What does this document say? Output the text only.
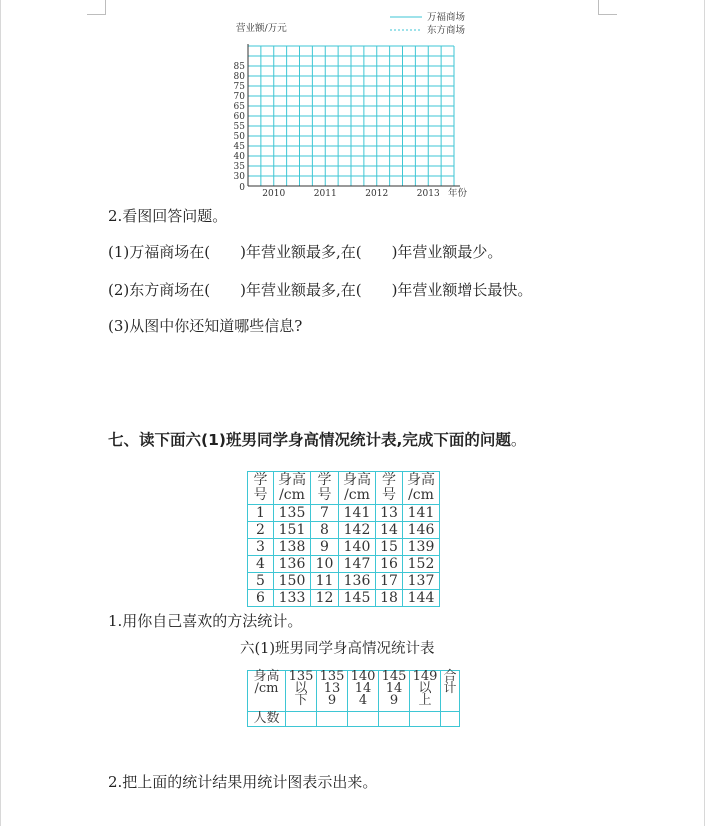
0
30
35
40
45
50
55
60
65
70
75
80
85
营业额/万元
2010	2011	2012	2013 年份
万福商场
东方商场
2.看图回答问题。
(1)万福商场在(　　)年营业额最多,在(　　)年营业额最少。
(2)东方商场在(　　)年营业额最多,在(　　)年营业额增长最快。
(3)从图中你还知道哪些信息?
七、读下面六(1)班男同学身高情况统计表,完成下面的问题。
学
号	身高
/cm	学
号	身高
/cm	学
号	身高
/cm
1	135	7	141	13	141
2	151	8	142	14	146
3	138	9	140	15	139
4	136	10	147	16	152
5	150	11	136	17	137
6	133	12	145	18	144
1.用你自己喜欢的方法统计。
六(1)班男同学身高情况统计表
身高
/cm	135
以
下	135
13
9	140
14
4	145
14
9	149
以
上	合
计
人数						
2.把上面的统计结果用统计图表示出来。
